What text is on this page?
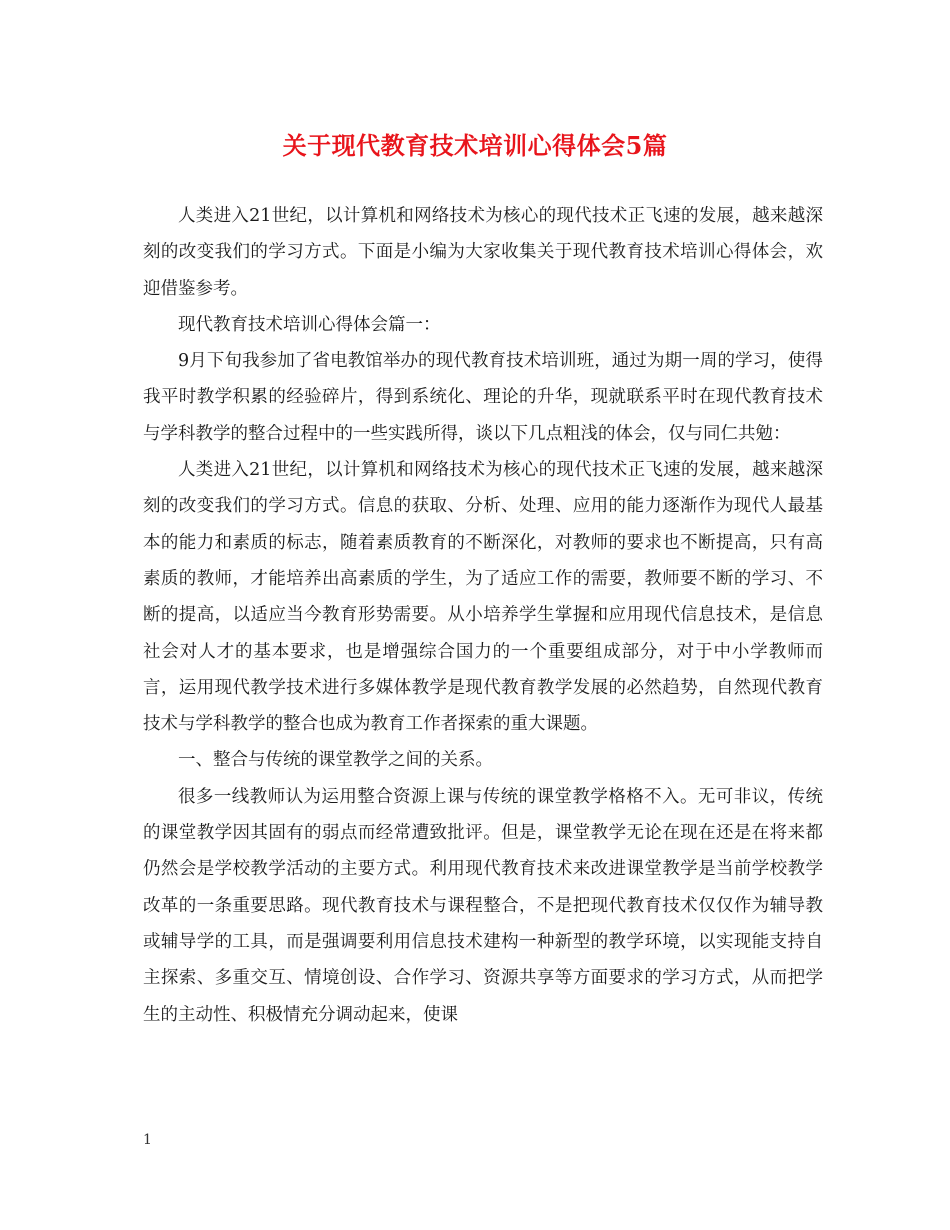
关于现代教育技术培训心得体会5篇

人类进入21世纪，以计算机和网络技术为核心的现代技术正飞速的发展，越来越深刻的改变我们的学习方式。下面是小编为大家收集关于现代教育技术培训心得体会，欢迎借鉴参考。

现代教育技术培训心得体会篇一：

9月下旬我参加了省电教馆举办的现代教育技术培训班，通过为期一周的学习，使得我平时教学积累的经验碎片，得到系统化、理论的升华，现就联系平时在现代教育技术与学科教学的整合过程中的一些实践所得，谈以下几点粗浅的体会，仅与同仁共勉：

人类进入21世纪，以计算机和网络技术为核心的现代技术正飞速的发展，越来越深刻的改变我们的学习方式。信息的获取、分析、处理、应用的能力逐渐作为现代人最基本的能力和素质的标志，随着素质教育的不断深化，对教师的要求也不断提高，只有高素质的教师，才能培养出高素质的学生，为了适应工作的需要，教师要不断的学习、不断的提高，以适应当今教育形势需要。从小培养学生掌握和应用现代信息技术，是信息社会对人才的基本要求，也是增强综合国力的一个重要组成部分，对于中小学教师而言，运用现代教学技术进行多媒体教学是现代教育教学发展的必然趋势，自然现代教育技术与学科教学的整合也成为教育工作者探索的重大课题。

一、整合与传统的课堂教学之间的关系。

很多一线教师认为运用整合资源上课与传统的课堂教学格格不入。无可非议，传统的课堂教学因其固有的弱点而经常遭致批评。但是，课堂教学无论在现在还是在将来都仍然会是学校教学活动的主要方式。利用现代教育技术来改进课堂教学是当前学校教学改革的一条重要思路。现代教育技术与课程整合，不是把现代教育技术仅仅作为辅导教或辅导学的工具，而是强调要利用信息技术建构一种新型的教学环境，以实现能支持自主探索、多重交互、情境创设、合作学习、资源共享等方面要求的学习方式，从而把学生的主动性、积极情充分调动起来，使课

1
